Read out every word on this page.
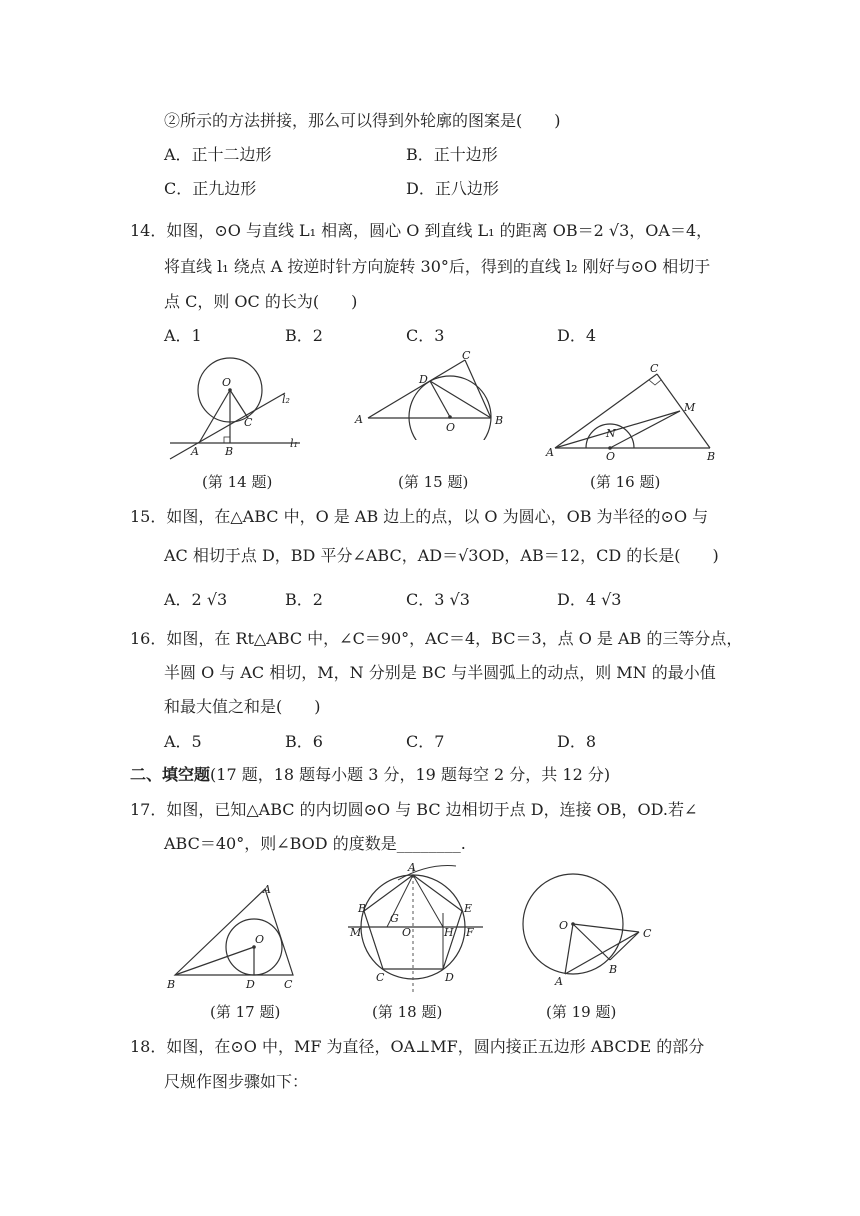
②所示的方法拼接，那么可以得到外轮廓的图案是(　　)
A．正十二边形	B．正十边形
C．正九边形	D．正八边形
14．如图，⊙O 与直线 L₁ 相离，圆心 O 到直线 L₁ 的距离 OB＝2 √3，OA＝4，
将直线 l₁ 绕点 A 按逆时针方向旋转 30°后，得到的直线 l₂ 刚好与⊙O 相切于
点 C，则 OC 的长为(　　)
A．1	B．2	C．3	D．4
O
l₂
C
A B
l₁
C
D
A
O
B
C
M
N
A	O	B
(第 14 题)	(第 15 题)	(第 16 题)
15．如图，在△ABC 中，O 是 AB 边上的点，以 O 为圆心，OB 为半径的⊙O 与
AC 相切于点 D，BD 平分∠ABC，AD＝√3OD，AB＝12，CD 的长是(　　)
A．2 √3	B．2	C．3 √3	D．4 √3
16．如图，在 Rt△ABC 中，∠C＝90°，AC＝4，BC＝3，点 O 是 AB 的三等分点，
半圆 O 与 AC 相切，M，N 分别是 BC 与半圆弧上的动点，则 MN 的最小值
和最大值之和是(　　)
A．5	B．6	C．7	D．8
二、填空题(17 题，18 题每小题 3 分，19 题每空 2 分，共 12 分)
17．如图，已知△ABC 的内切圆⊙O 与 BC 边相切于点 D，连接 OB，OD.若∠
ABC＝40°，则∠BOD 的度数是________.
A
O
B	D	C
A
B	E
G
M	O	H F
C	D
O
C
B
A
(第 17 题)	(第 18 题)	(第 19 题)
18．如图，在⊙O 中，MF 为直径，OA⊥MF，圆内接正五边形 ABCDE 的部分
尺规作图步骤如下：
